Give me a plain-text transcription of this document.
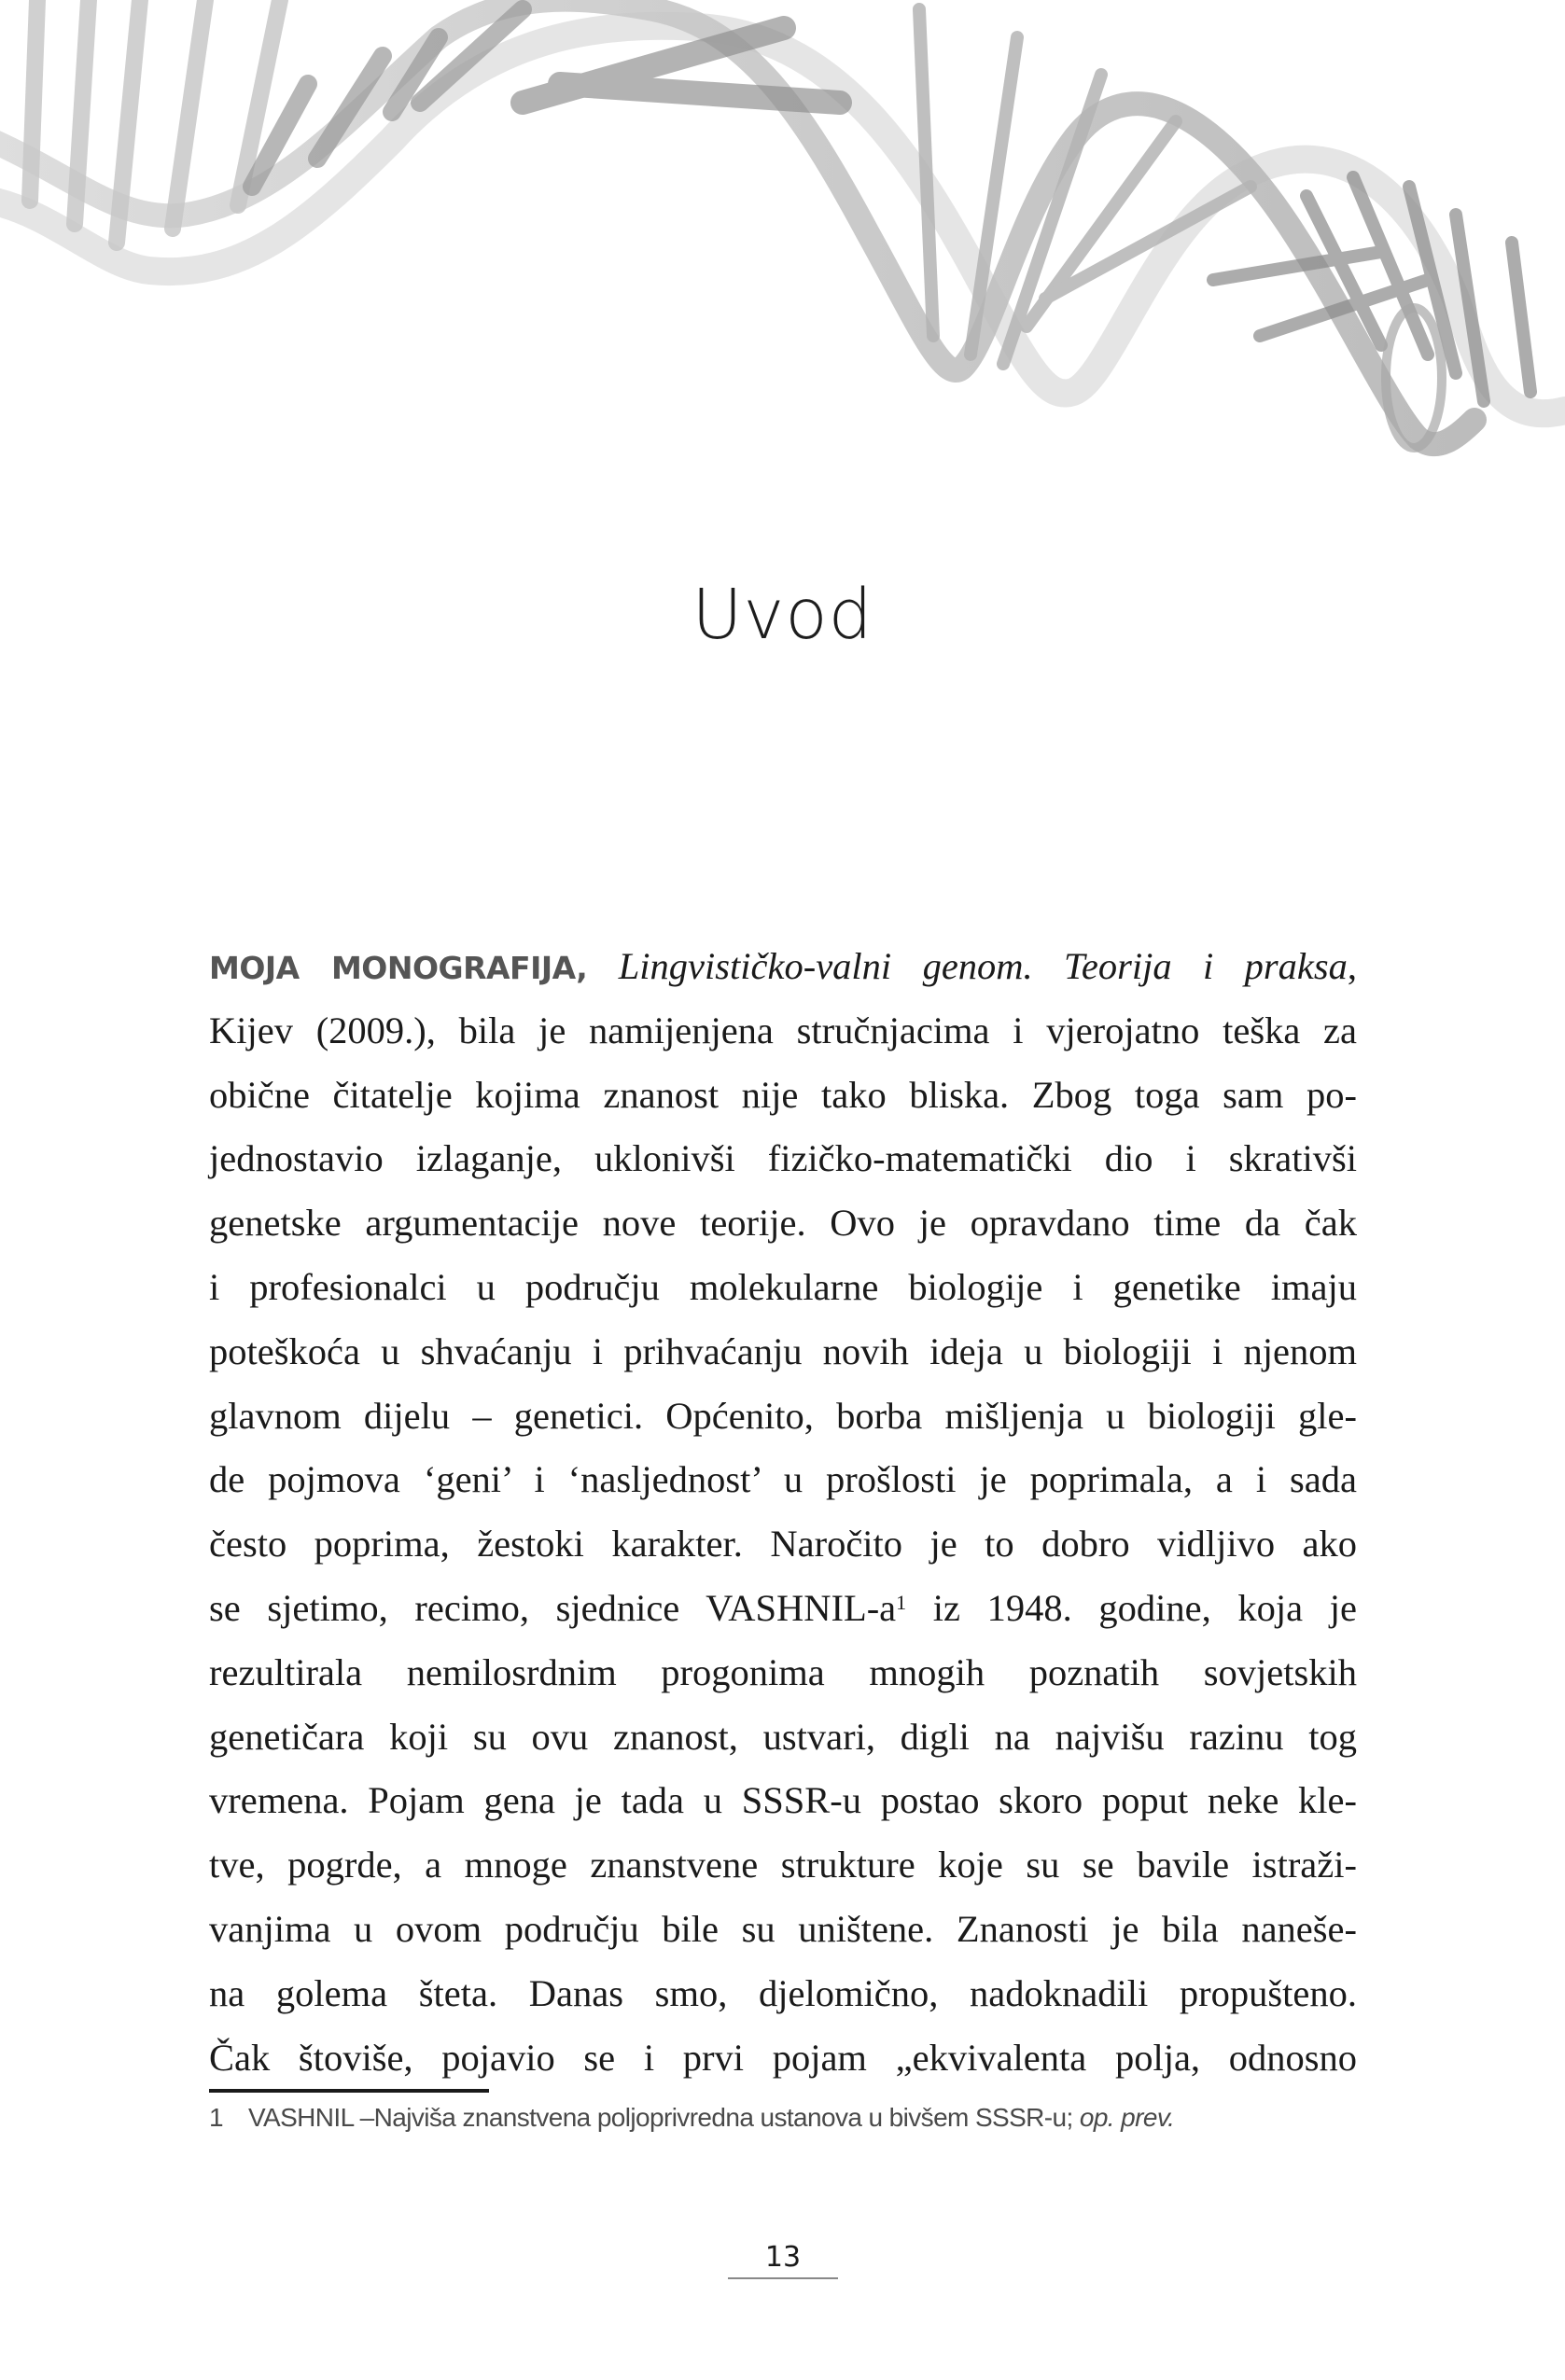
Uvod
MOJA MONOGRAFIJA, Lingvističko-valni genom. Teorija i praksa,
Kijev (2009.), bila je namijenjena stručnjacima i vjerojatno teška za
obične čitatelje kojima znanost nije tako bliska. Zbog toga sam po-
jednostavio izlaganje, uklonivši fizičko-matematički dio i skrativši
genetske argumentacije nove teorije. Ovo je opravdano time da čak
i profesionalci u području molekularne biologije i genetike imaju
poteškoća u shvaćanju i prihvaćanju novih ideja u biologiji i njenom
glavnom dijelu – genetici. Općenito, borba mišljenja u biologiji gle-
de pojmova ‘geni’ i ‘nasljednost’ u prošlosti je poprimala, a i sada
često poprima, žestoki karakter. Naročito je to dobro vidljivo ako
se sjetimo, recimo, sjednice VASHNIL-a$^1$ iz 1948. godine, koja je
rezultirala nemilosrdnim progonima mnogih poznatih sovjetskih
genetičara koji su ovu znanost, ustvari, digli na najvišu razinu tog
vremena. Pojam gena je tada u SSSR-u postao skoro poput neke kle-
tve, pogrde, a mnoge znanstvene strukture koje su se bavile istraži-
vanjima u ovom području bile su uništene. Znanosti je bila naneše-
na golema šteta. Danas smo, djelomično, nadoknadili propušteno.
Čak štoviše, pojavio se i prvi pojam „ekvivalenta polja, odnosno
1 VASHNIL –Najviša znanstvena poljoprivredna ustanova u bivšem SSSR-u; op. prev.
13
